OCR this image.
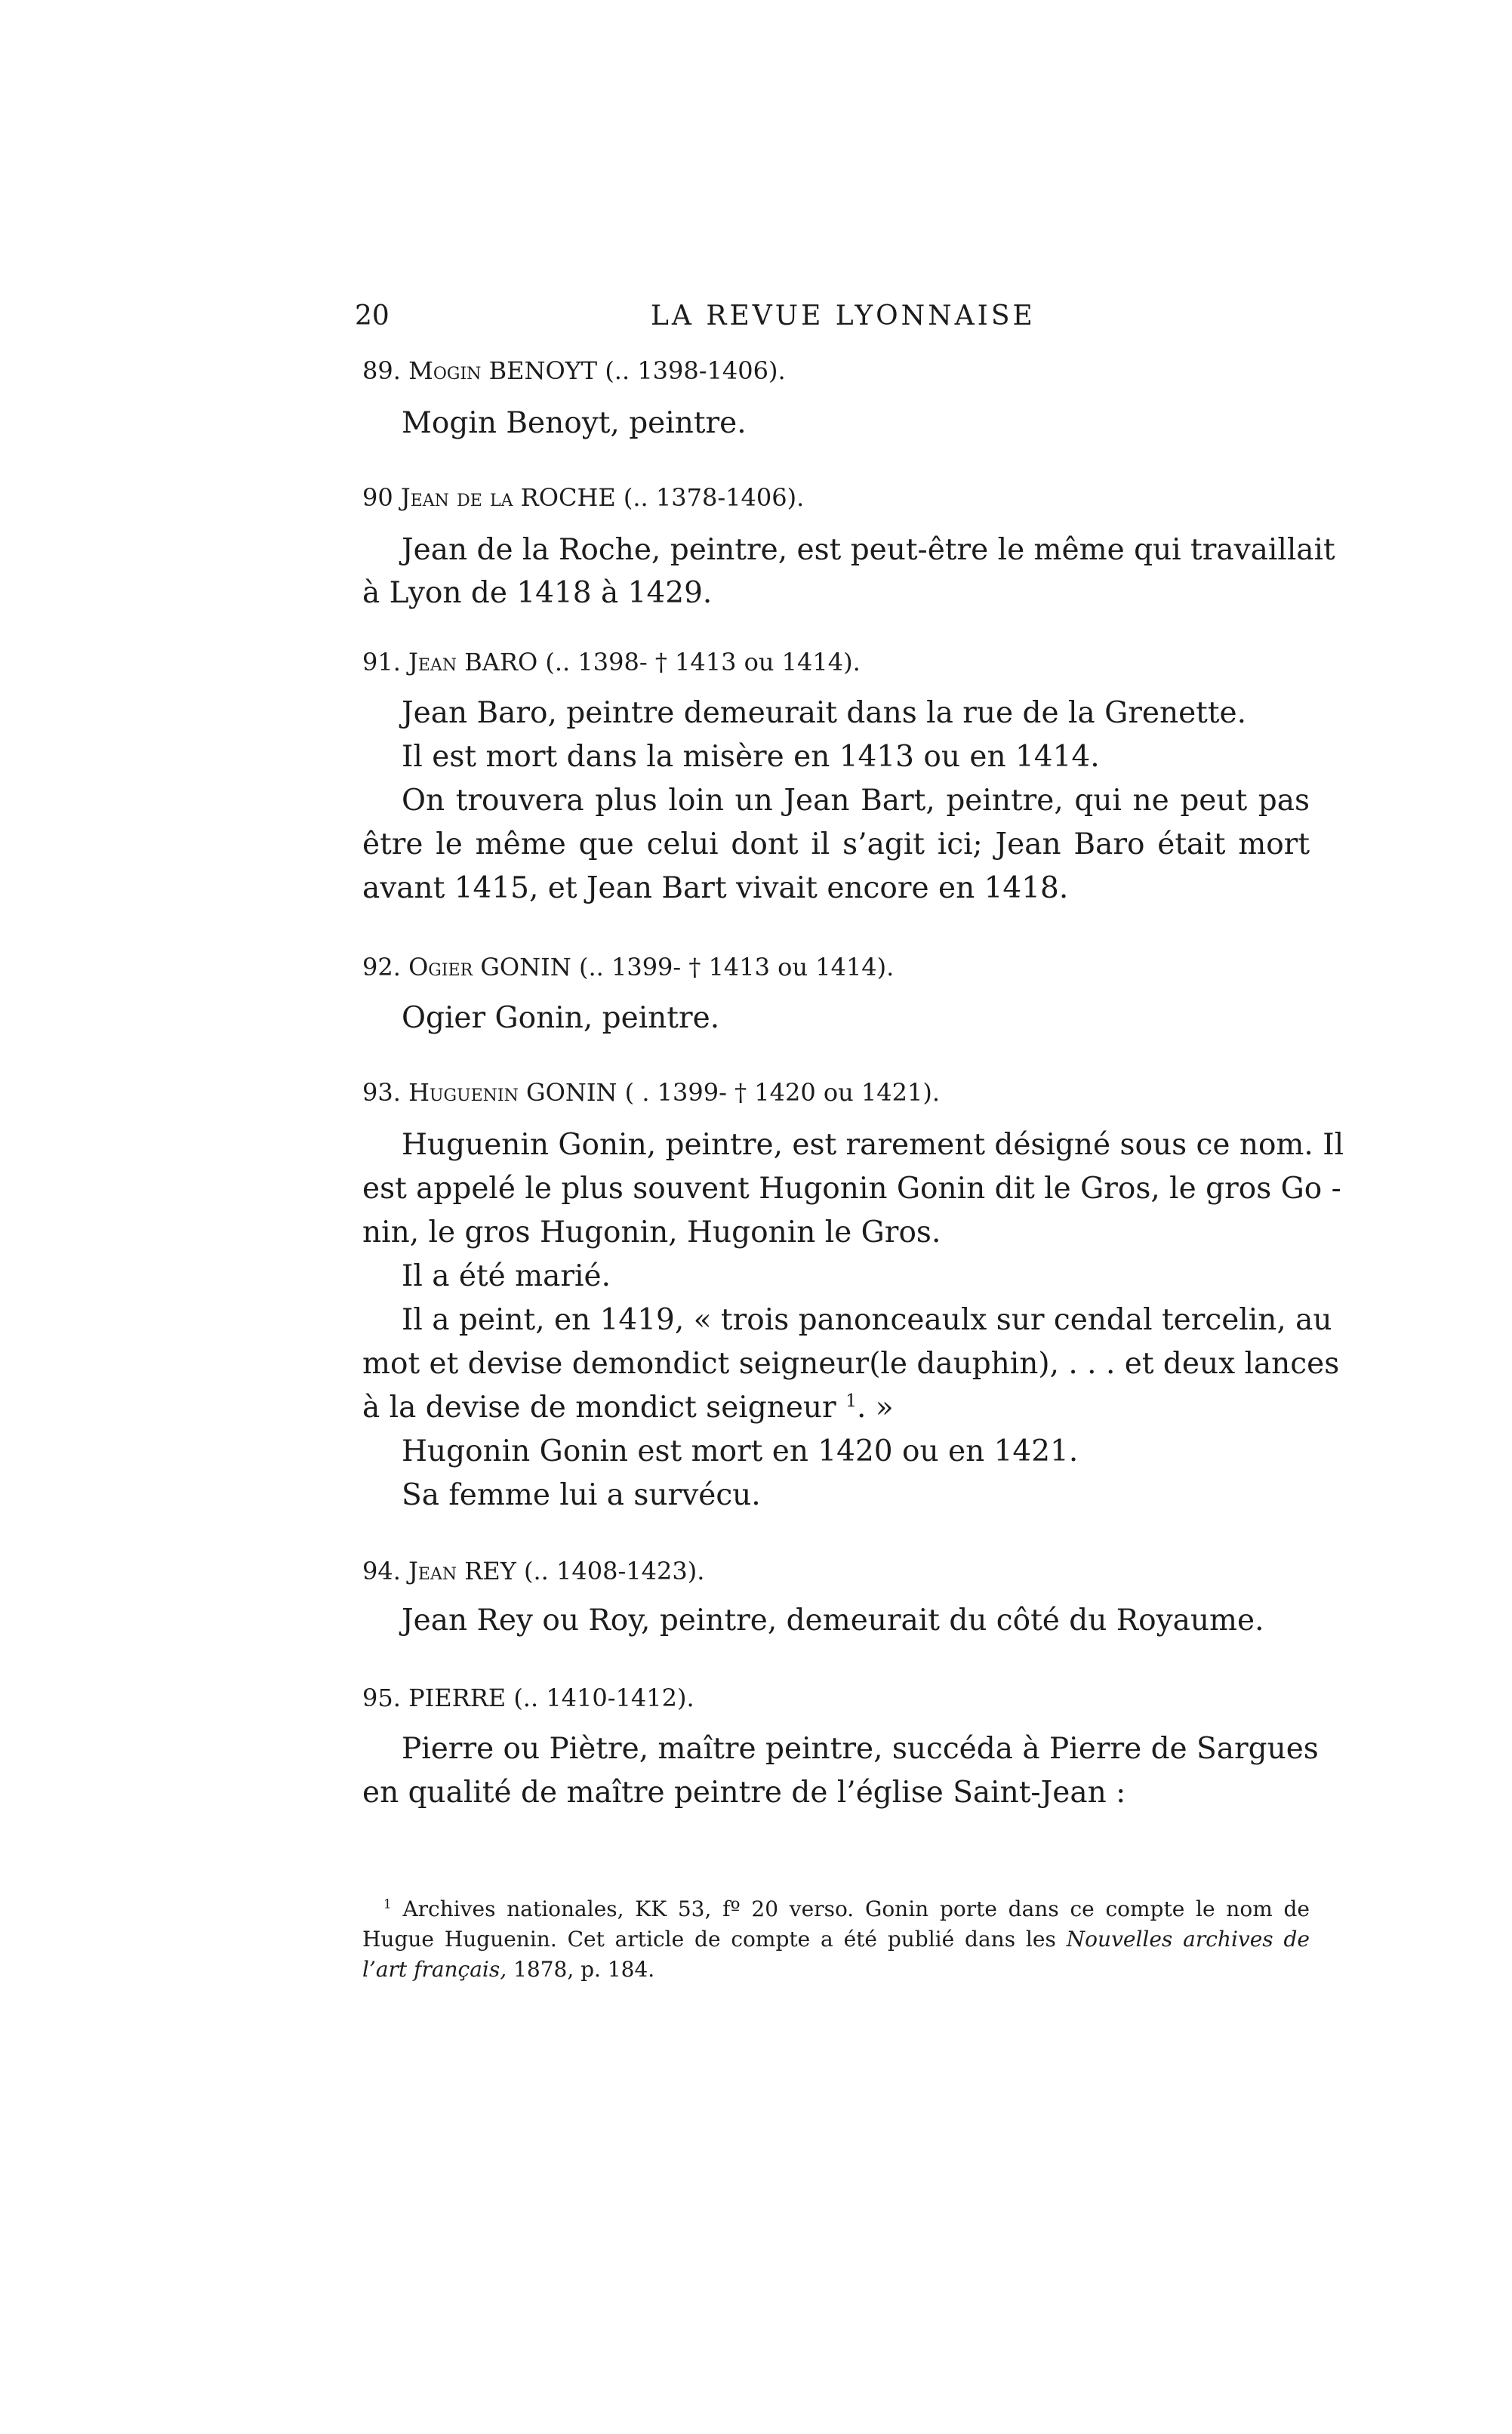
20	LA REVUE LYONNAISE
89. Mogin BENOYT (.. 1398-1406).
Mogin Benoyt, peintre.
90 Jean de la ROCHE (.. 1378-1406).
Jean de la Roche, peintre, est peut-être le même qui travaillait
à Lyon de 1418 à 1429.
91. Jean BARO (.. 1398- † 1413 ou 1414).
Jean Baro, peintre demeurait dans la rue de la Grenette.
Il est mort dans la misère en 1413 ou en 1414.
On trouvera plus loin un Jean Bart, peintre, qui ne peut pas
être le même que celui dont il s’agit ici; Jean Baro était mort
avant 1415, et Jean Bart vivait encore en 1418.
92. Ogier GONIN (.. 1399- † 1413 ou 1414).
Ogier Gonin, peintre.
93. Huguenin GONIN ( . 1399- † 1420 ou 1421).
Huguenin Gonin, peintre, est rarement désigné sous ce nom. Il
est appelé le plus souvent Hugonin Gonin dit le Gros, le gros Go -
nin, le gros Hugonin, Hugonin le Gros.
Il a été marié.
Il a peint, en 1419, « trois panonceaulx sur cendal tercelin, au
mot et devise demondict seigneur(le dauphin), . . . et deux lances
à la devise de mondict seigneur $^1$. »
Hugonin Gonin est mort en 1420 ou en 1421.
Sa femme lui a survécu.
94. Jean REY (.. 1408-1423).
Jean Rey ou Roy, peintre, demeurait du côté du Royaume.
95. PIERRE (.. 1410-1412).
Pierre ou Piètre, maître peintre, succéda à Pierre de Sargues
en qualité de maître peintre de l’église Saint-Jean :
$^1$ Archives nationales, KK 53, fº 20 verso. Gonin porte dans ce compte le nom de
Hugue Huguenin. Cet article de compte a été publié dans les Nouvelles archives de
l’art français, 1878, p. 184.
